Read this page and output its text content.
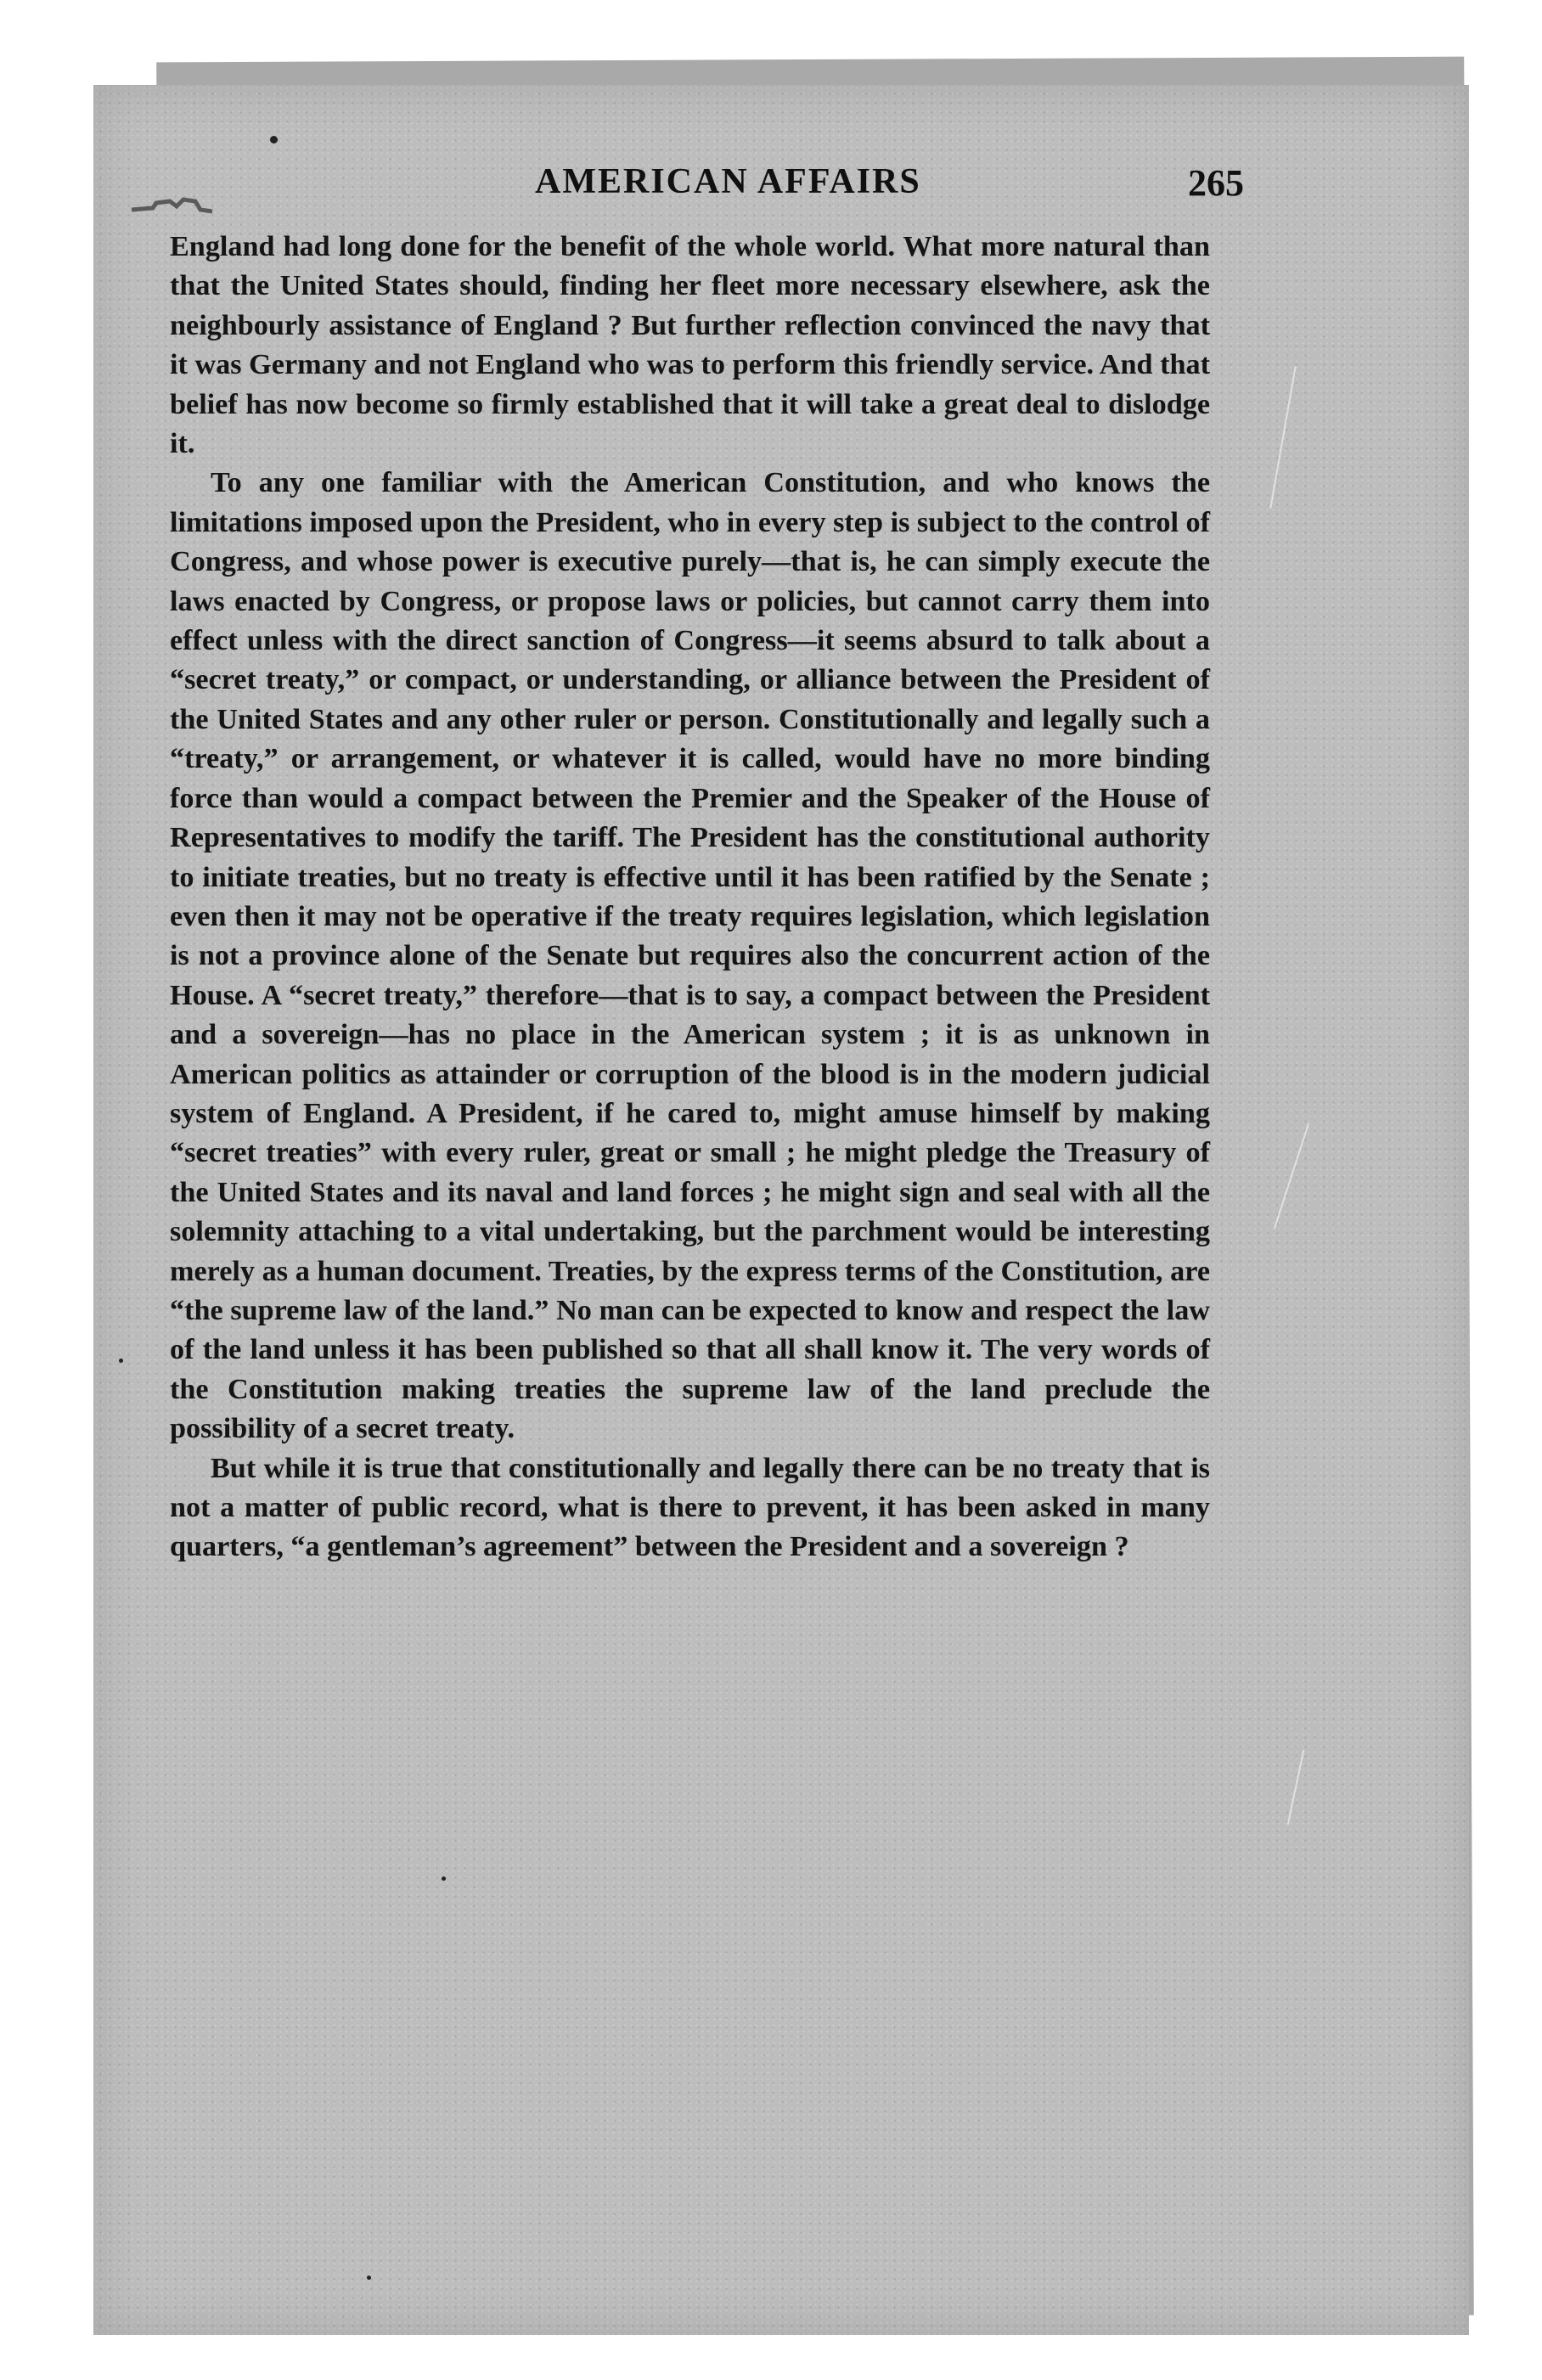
AMERICAN AFFAIRS	265

England had long done for the benefit of the whole world. What more natural than that the United States should, finding her fleet more necessary elsewhere, ask the neighbourly assistance of England ? But further reflection convinced the navy that it was Germany and not England who was to perform this friendly service. And that belief has now become so firmly established that it will take a great deal to dislodge it.

To any one familiar with the American Constitution, and who knows the limitations imposed upon the President, who in every step is subject to the control of Congress, and whose power is executive purely—that is, he can simply execute the laws enacted by Congress, or propose laws or policies, but cannot carry them into effect unless with the direct sanction of Congress—it seems absurd to talk about a “secret treaty,” or compact, or understanding, or alliance between the President of the United States and any other ruler or person. Constitutionally and legally such a “treaty,” or arrangement, or whatever it is called, would have no more binding force than would a compact between the Premier and the Speaker of the House of Representatives to modify the tariff. The President has the constitutional authority to initiate treaties, but no treaty is effective until it has been ratified by the Senate ; even then it may not be operative if the treaty requires legislation, which legislation is not a province alone of the Senate but requires also the concurrent action of the House. A “secret treaty,” therefore—that is to say, a compact between the President and a sovereign—has no place in the American system ; it is as unknown in American politics as attainder or corruption of the blood is in the modern judicial system of England. A President, if he cared to, might amuse himself by making “secret treaties” with every ruler, great or small ; he might pledge the Treasury of the United States and its naval and land forces ; he might sign and seal with all the solemnity attaching to a vital undertaking, but the parchment would be interesting merely as a human document. Treaties, by the express terms of the Constitution, are “the supreme law of the land.” No man can be expected to know and respect the law of the land unless it has been published so that all shall know it. The very words of the Constitution making treaties the supreme law of the land preclude the possibility of a secret treaty.

But while it is true that constitutionally and legally there can be no treaty that is not a matter of public record, what is there to prevent, it has been asked in many quarters, “a gentleman’s agreement” between the President and a sovereign ?
